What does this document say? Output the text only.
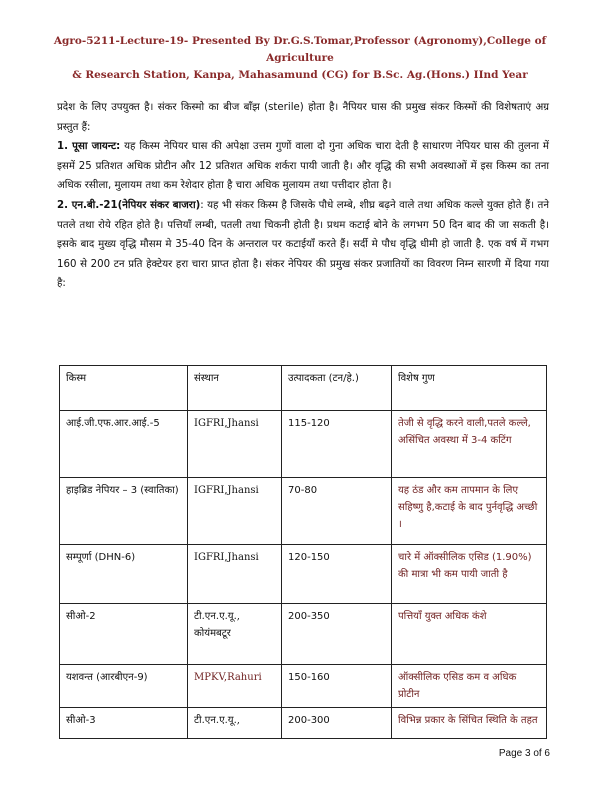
Agro-5211-Lecture-19- Presented By Dr.G.S.Tomar,Professor (Agronomy),College of Agriculture
& Research Station, Kanpa, Mahasamund (CG) for B.Sc. Ag.(Hons.) IInd Year

प्रदेश के लिए उपयुक्त है। संकर किस्मो का बीज बाँझ (sterile) होता है। नैपियर घास की प्रमुख संकर किस्मों की विशेषताएं अग्र प्रस्तुत हैं:

1. पूसा जायन्ट: यह किस्म नेपियर घास की अपेक्षा उत्तम गुणों वाला दो गुना अधिक चारा देती है साधारण नेपियर घास की तुलना में इसमें 25 प्रतिशत अधिक प्रोटीन और 12 प्रतिशत अधिक शर्करा पायी जाती है। और वृद्धि की सभी अवस्थाओं में इस किस्म का तना अधिक रसीला, मुलायम तथा कम रेशेदार होता है चारा अधिक मुलायम तथा पत्तीदार होता है।

2. एन.बी.-21(नेपियर संकर बाजरा): यह भी संकर किस्म है जिसके पौधे लम्बे, शीघ्र बढ़ने वाले तथा अधिक कल्ले युक्त होते हैं। तने पतले तथा रोये रहित होते है। पत्तियाँ लम्बी, पतली तथा चिकनी होती है। प्रथम कटाई बोने के लगभग 50 दिन बाद की जा सकती है। इसके बाद मुख्य वृद्धि मौसम मे 35-40 दिन के अन्तराल पर कटाईयाँ करते हैं। सर्दी मे पौध वृद्धि धीमी हो जाती है. एक वर्ष में गभग 160 से 200 टन प्रति हेक्टेयर हरा चारा प्राप्त होता है। संकर नेपियर की प्रमुख संकर प्रजातियों का विवरण निम्न सारणी में दिया गया है:

किस्म	संस्थान	उत्पादकता (टन/हे.)	विशेष गुण
आई.जी.एफ.आर.आई.-5	IGFRI,Jhansi	115-120	तेजी से वृद्धि करने वाली,पतले कल्ले, असिंचित अवस्था में 3-4 कटिंग
हाइब्रिड नेपियर – 3 (स्वातिका)	IGFRI,Jhansi	70-80	यह ठंड और कम तापमान के लिए सहिष्णु है,कटाई के बाद पुर्नवृद्धि अच्छी ।
सम्पूर्णा (DHN-6)	IGFRI,Jhansi	120-150	चारे में ऑक्सीलिक एसिड (1.90%) की मात्रा भी कम पायी जाती है
सीओ-2	टी.एन.ए.यू., कोयंमबटूर	200-350	पत्तियाँ युक्त अधिक कंशे
यशवन्त (आरबीएन-9)	MPKV,Rahuri	150-160	ऑक्सीलिक एसिड कम व अधिक प्रोटीन
सीओ-3	टी.एन.ए.यू.,	200-300	विभिन्न प्रकार के सिंचित स्थिति के तहत
Page 3 of 6
